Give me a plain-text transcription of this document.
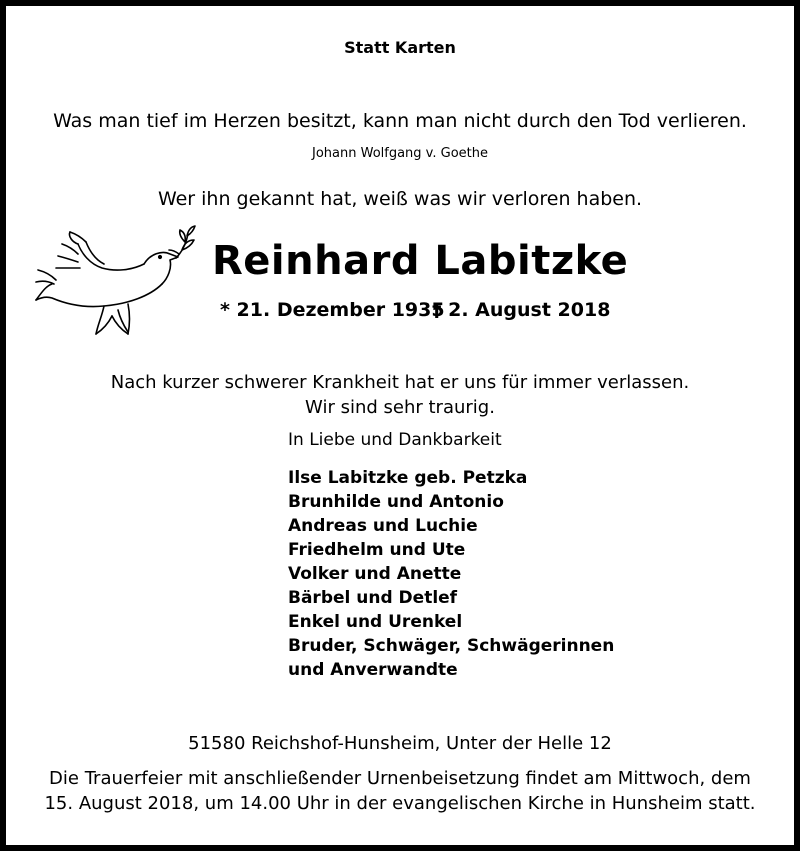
Statt Karten
Was man tief im Herzen besitzt, kann man nicht durch den Tod verlieren.
Johann Wolfgang v. Goethe
Wer ihn gekannt hat, weiß was wir verloren haben.
Reinhard Labitzke
* 21. Dezember 1935
† 2. August 2018
Nach kurzer schwerer Krankheit hat er uns für immer verlassen.
Wir sind sehr traurig.
In Liebe und Dankbarkeit
Ilse Labitzke geb. Petzka
Brunhilde und Antonio
Andreas und Luchie
Friedhelm und Ute
Volker und Anette
Bärbel und Detlef
Enkel und Urenkel
Bruder, Schwäger, Schwägerinnen
und Anverwandte
51580 Reichshof-Hunsheim, Unter der Helle 12
Die Trauerfeier mit anschließender Urnenbeisetzung findet am Mittwoch, dem
15. August 2018, um 14.00 Uhr in der evangelischen Kirche in Hunsheim statt.
